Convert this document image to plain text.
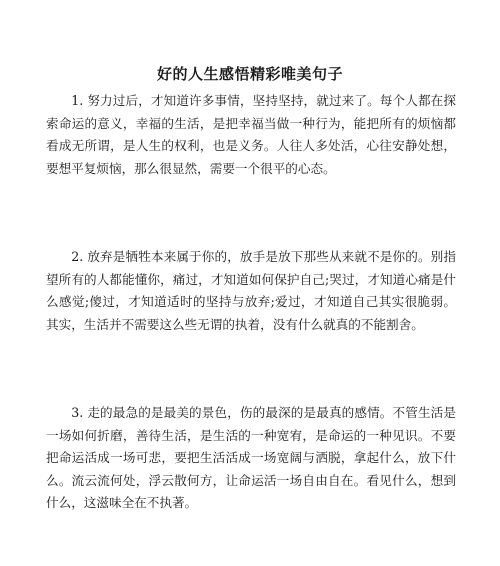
好的人生感悟精彩唯美句子

1. 努力过后，才知道许多事情，坚持坚持，就过来了。每个人都在探索命运的意义，幸福的生活，是把幸福当做一种行为，能把所有的烦恼都看成无所谓，是人生的权利，也是义务。人往人多处活，心往安静处想，要想平复烦恼，那么很显然，需要一个很平的心态。

2. 放弃是牺牲本来属于你的，放手是放下那些从来就不是你的。别指望所有的人都能懂你，痛过，才知道如何保护自己;哭过，才知道心痛是什么感觉;傻过，才知道适时的坚持与放弃;爱过，才知道自己其实很脆弱。其实，生活并不需要这么些无谓的执着，没有什么就真的不能割舍。

3. 走的最急的是最美的景色，伤的最深的是最真的感情。不管生活是一场如何折磨，善待生活，是生活的一种宽宥，是命运的一种见识。不要把命运活成一场可悲，要把生活活成一场宽阔与洒脱，拿起什么，放下什么。流云流何处，浮云散何方，让命运活一场自由自在。看见什么，想到什么，这滋味全在不执著。
